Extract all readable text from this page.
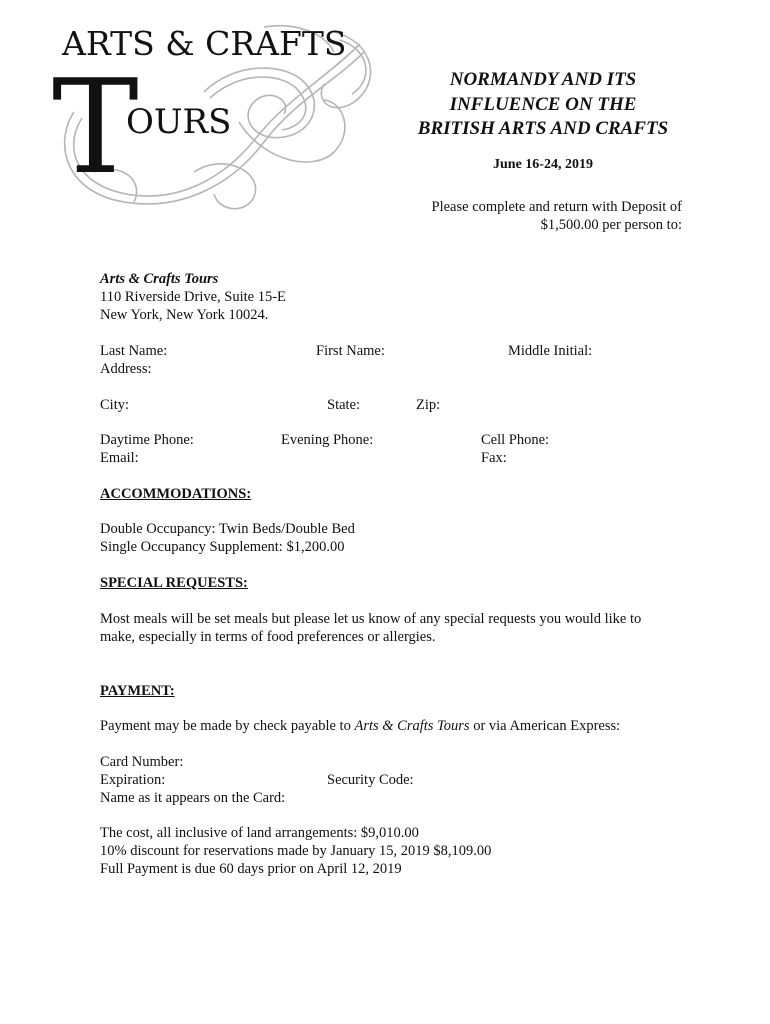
ARTS & CRAFTS
T
OURS
NORMANDY AND ITS
INFLUENCE ON THE
BRITISH ARTS AND CRAFTS
June 16-24, 2019
Please complete and return with Deposit of
$1,500.00 per person to:
Arts & Crafts Tours
110 Riverside Drive, Suite 15-E
New York, New York 10024.
Last Name:	First Name:	Middle Initial:
Address:
City:	State:	Zip:
Daytime Phone:	Evening Phone:	Cell Phone:
Email:	Fax:
ACCOMMODATIONS:
Double Occupancy: Twin Beds/Double Bed
Single Occupancy Supplement: $1,200.00
SPECIAL REQUESTS:
Most meals will be set meals but please let us know of any special requests you would like to
make, especially in terms of food preferences or allergies.
PAYMENT:
Payment may be made by check payable to Arts & Crafts Tours or via American Express:
Card Number:
Expiration:	Security Code:
Name as it appears on the Card:
The cost, all inclusive of land arrangements: $9,010.00
10% discount for reservations made by January 15, 2019 $8,109.00
Full Payment is due 60 days prior on April 12, 2019
